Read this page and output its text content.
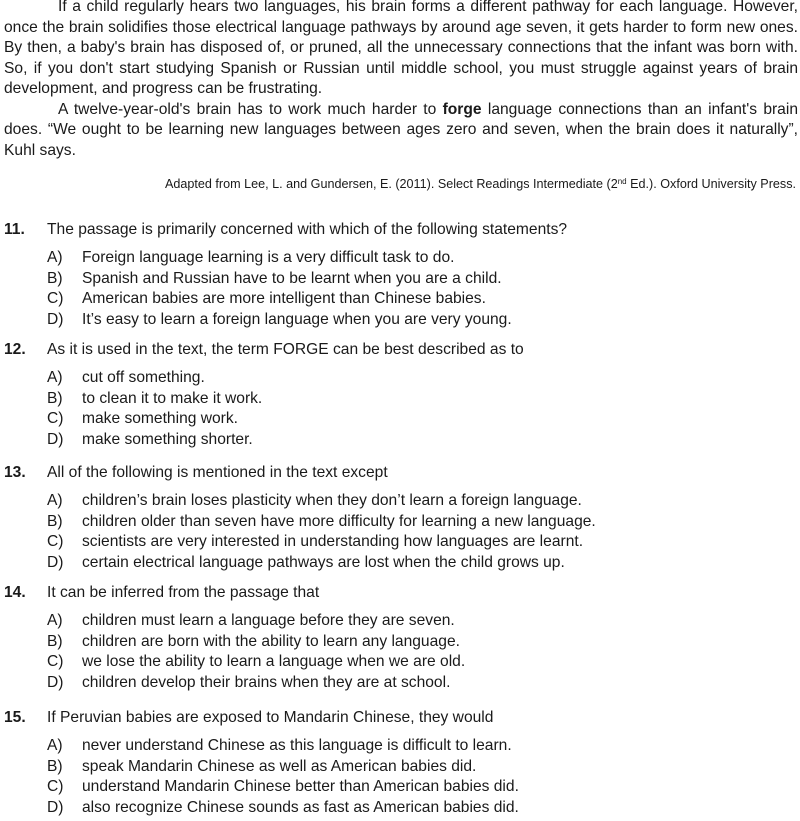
If a child regularly hears two languages, his brain forms a different pathway for each language. However, once the brain solidifies those electrical language pathways by around age seven, it gets harder to form new ones. By then, a baby's brain has disposed of, or pruned, all the unnecessary connections that the infant was born with. So, if you don't start studying Spanish or Russian until middle school, you must struggle against years of brain development, and progress can be frustrating.

A twelve-year-old's brain has to work much harder to forge language connections than an infant's brain does. “We ought to be learning new languages between ages zero and seven, when the brain does it naturally”, Kuhl says.

Adapted from Lee, L. and Gundersen, E. (2011). Select Readings Intermediate (2nd Ed.). Oxford University Press.
11. The passage is primarily concerned with which of the following statements?
A) Foreign language learning is a very difficult task to do.
B) Spanish and Russian have to be learnt when you are a child.
C) American babies are more intelligent than Chinese babies.
D) It’s easy to learn a foreign language when you are very young.
12. As it is used in the text, the term FORGE can be best described as to
A) cut off something.
B) to clean it to make it work.
C) make something work.
D) make something shorter.
13. All of the following is mentioned in the text except
A) children’s brain loses plasticity when they don’t learn a foreign language.
B) children older than seven have more difficulty for learning a new language.
C) scientists are very interested in understanding how languages are learnt.
D) certain electrical language pathways are lost when the child grows up.
14. It can be inferred from the passage that
A) children must learn a language before they are seven.
B) children are born with the ability to learn any language.
C) we lose the ability to learn a language when we are old.
D) children develop their brains when they are at school.
15. If Peruvian babies are exposed to Mandarin Chinese, they would
A) never understand Chinese as this language is difficult to learn.
B) speak Mandarin Chinese as well as American babies did.
C) understand Mandarin Chinese better than American babies did.
D) also recognize Chinese sounds as fast as American babies did.
